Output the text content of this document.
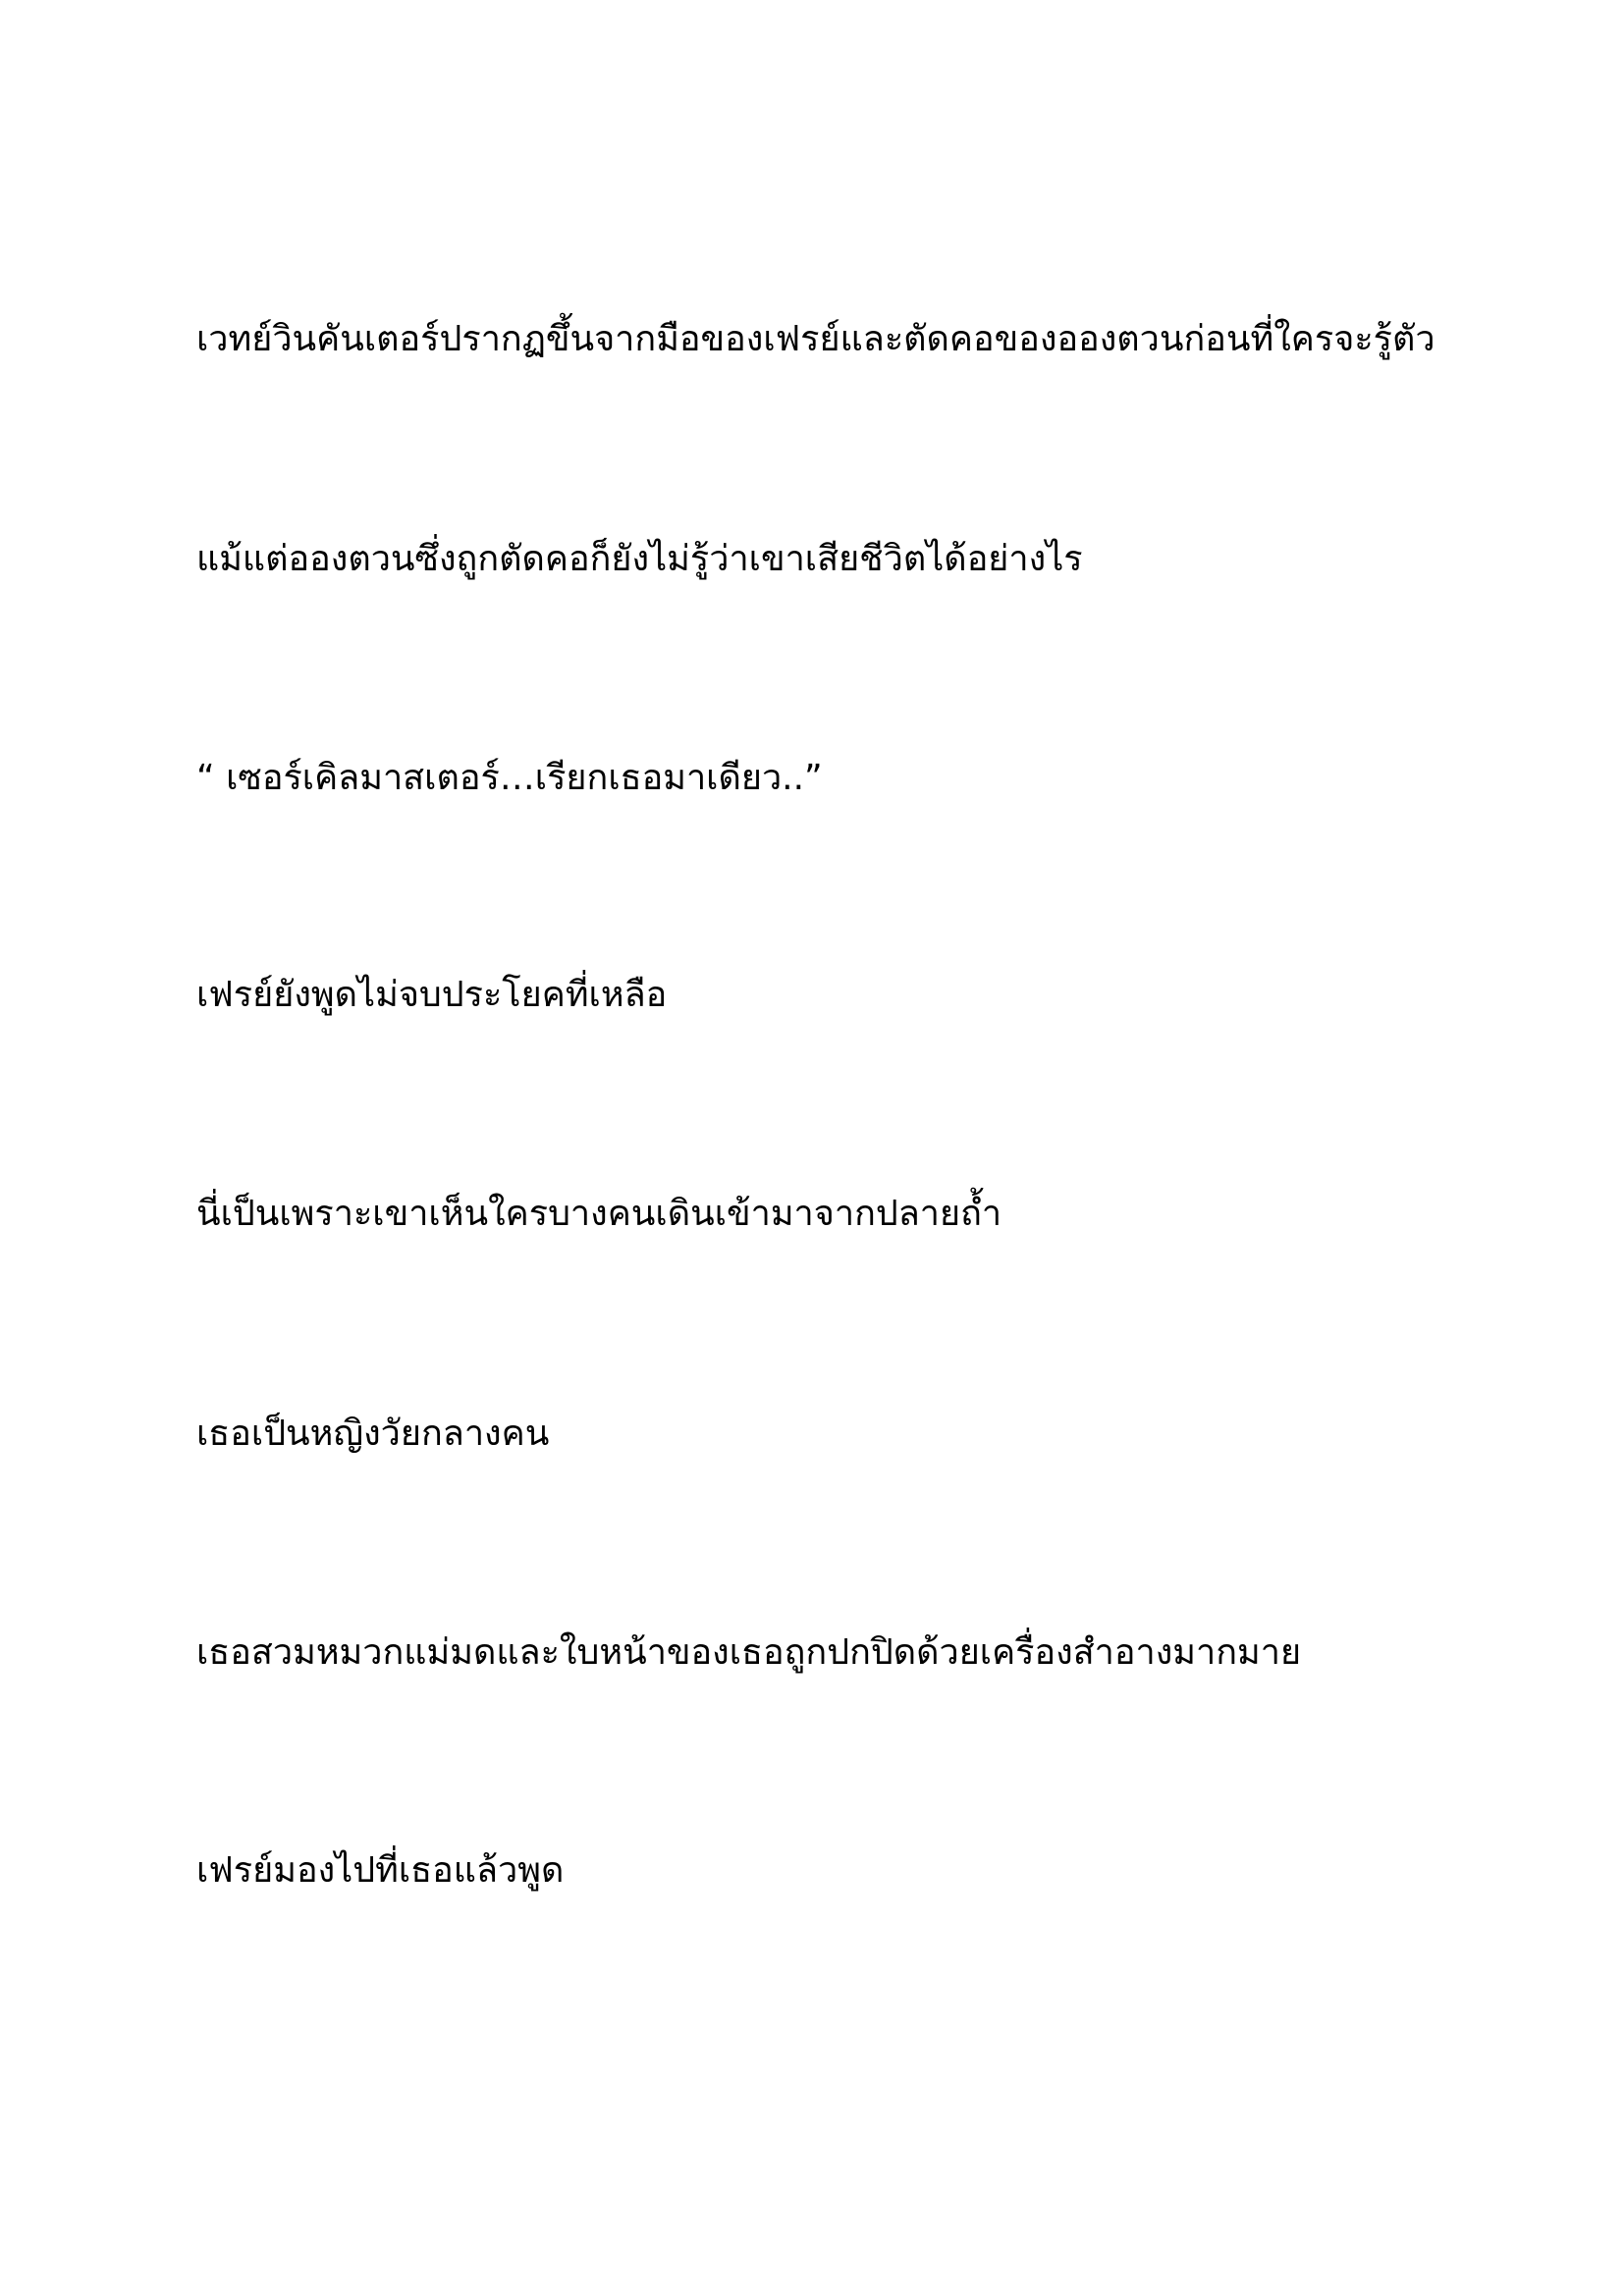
เวทย์วินคันเตอร์ปรากฏขึ้นจากมือของเฟรย์และตัดคอของอองตวนก่อนที่ใครจะรู้ตัว

แม้แต่อองตวนซึ่งถูกตัดคอก็ยังไม่รู้ว่าเขาเสียชีวิตได้อย่างไร

“ เซอร์เคิลมาสเตอร์…เรียกเธอมาเดียว..”

เฟรย์ยังพูดไม่จบประโยคที่เหลือ

นี่เป็นเพราะเขาเห็นใครบางคนเดินเข้ามาจากปลายถ้ำ

เธอเป็นหญิงวัยกลางคน

เธอสวมหมวกแม่มดและใบหน้าของเธอถูกปกปิดด้วยเครื่องสำอางมากมาย

เฟรย์มองไปที่เธอแล้วพูด
